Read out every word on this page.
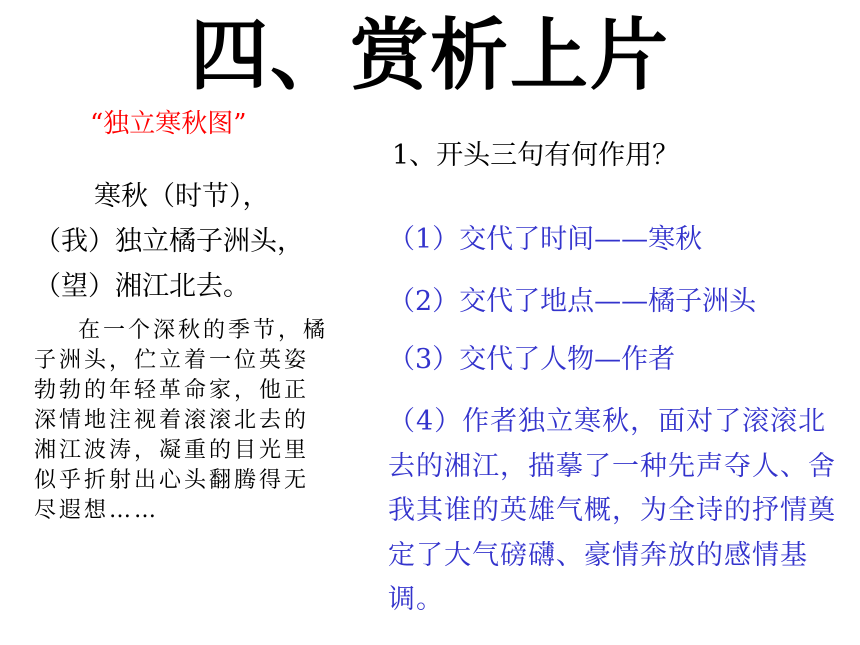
四、赏析上片

“独立寒秋图”

寒秋（时节），
（我）独立橘子洲头，
（望）湘江北去。

在一个深秋的季节，橘子洲头，伫立着一位英姿勃勃的年轻革命家，他正深情地注视着滚滚北去的湘江波涛，凝重的目光里似乎折射出心头翻腾得无尽遐想……

1、开头三句有何作用？

（1）交代了时间——寒秋

（2）交代了地点——橘子洲头

（3）交代了人物—作者

（4）作者独立寒秋，面对了滚滚北去的湘江，描摹了一种先声夺人、舍我其谁的英雄气概，为全诗的抒情奠定了大气磅礴、豪情奔放的感情基调。
